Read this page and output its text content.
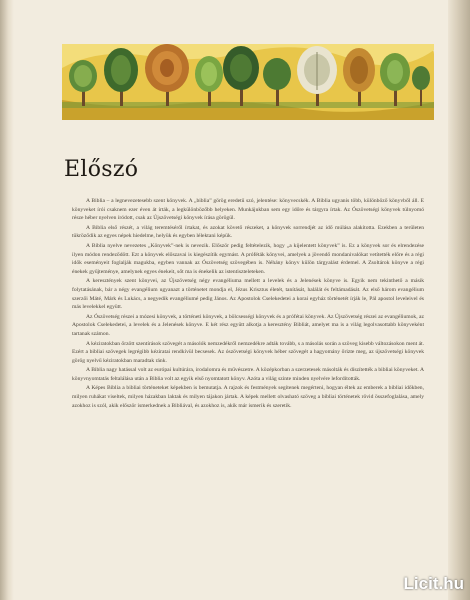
Előszó

A Biblia – a legnevezetesebb szent könyvek. A „biblia” görög eredetű szó, jelentése: könyvecskék. A Biblia ugyanis több, különböző könyvből áll. E könyveket írói csaknem ezer éven át írták, a legkülönbözőbb helyeken. Munkájukban sem egy időre és tárgyra írtak. Az Ószövetségi könyvek túlnyomó része héber nyelven íródott, csak az Újszövetségi könyvek írása görögül.

A Biblia első részét, a világ teremtéséről írtakat, és azokat követő részeket, a könyvek sorrendjét az idő múlása alakította. Ezekben a területen tükröződik az egyes népek hiedelme, helyük és egyben lélektani képük.

A Biblia nyelve nevezetes „Könyvek”-nek is nevezik. Először pedig feltételezik, hogy „a kijelentett könyvek” is. Ez a könyvek sor és elrendezése ilyen módon rendeződött. Ezt a könyvek előszavai is kiegészítik egymást. A próféták könyvei, amelyek a jövendő mondanivalókat vetítették előre és a régi idők eseményeit foglalják magukba, egyben vannak az Ószövetség szövegében is. Néhány könyv külön tárgyalást érdemel. A Zsoltárok könyve a régi énekek gyűjteménye, amelynek egyes énekeit, sőt ma is énekelik az istentiszteleteken.

A keresztények szent könyvei, az Újszövetség négy evangéliuma mellett a levelek és a Jelenések könyve is. Egyik nem tekinthető a másik folytatásának, bár a négy evangélium ugyanazt a történetet mondja el, Jézus Krisztus életét, tanítását, halálát és feltámadását. Az első három evangélium szerzői Máté, Márk és Lukács, a negyedik evangéliumé pedig János. Az Apostolok Cselekedetei a korai egyház történetét írják le, Pál apostol leveleivel és más levelekkel együtt.

Az Ószövetség részei a mózesi könyvek, a történeti könyvek, a bölcsességi könyvek és a prófétai könyvek. Az Újszövetség részei az evangéliumok, az Apostolok Cselekedetei, a levelek és a Jelenések könyve. E két rész együtt alkotja a keresztény Bibliát, amelyet ma is a világ legolvasottabb könyveként tartanak számon.

A kéziratokban őrzött szentírások szövegét a másolók nemzedékről nemzedékre adták tovább, s a másolás során a szöveg kisebb változásokon ment át. Ezért a bibliai szövegek legrégibb kéziratai rendkívül becsesek. Az ószövetségi könyvek héber szövegét a hagyomány őrizte meg, az újszövetségi könyvek görög nyelvű kéziratokban maradtak ránk.

A Biblia nagy hatással volt az európai kultúrára, irodalomra és művészetre. A középkorban a szerzetesek másolták és díszítették a bibliai könyveket. A könyvnyomtatás feltalálása után a Biblia volt az egyik első nyomtatott könyv. Azóta a világ szinte minden nyelvére lefordították.

A Képes Biblia a bibliai történeteket képekben is bemutatja. A rajzok és festmények segítenek megérteni, hogyan éltek az emberek a bibliai időkben, milyen ruhákat viseltek, milyen házakban laktak és milyen tájakon jártak. A képek mellett olvasható szöveg a bibliai történetek rövid összefoglalása, amely azokhoz is szól, akik először ismerkednek a Bibliával, és azokhoz is, akik már ismerik és szeretik.

Licit.hu
